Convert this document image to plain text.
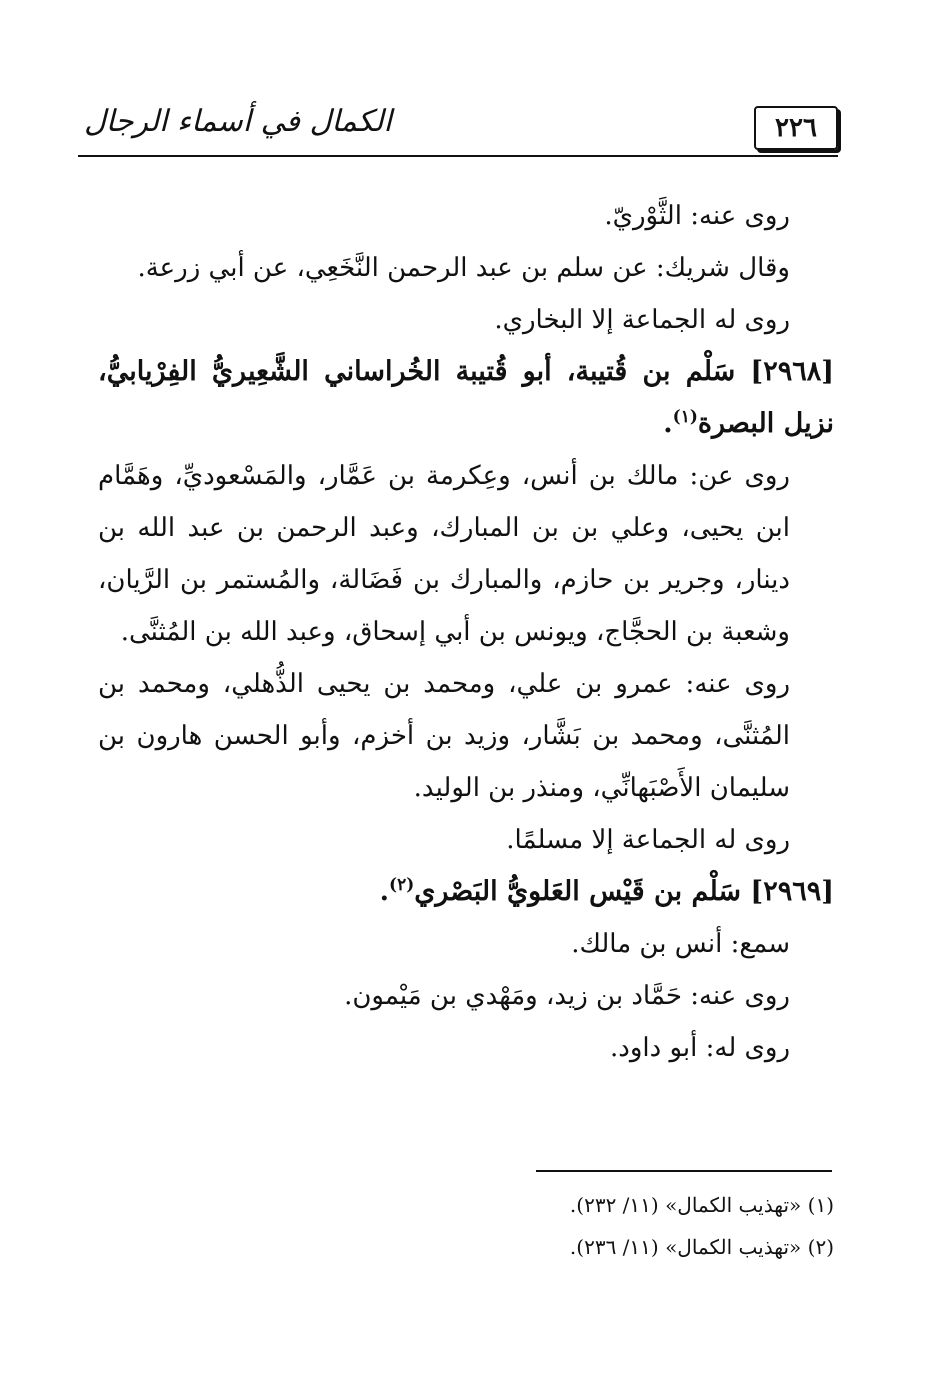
٢٢٦
الكمال في أسماء الرجال

روى عنه: الثَّوْريّ.

وقال شريك: عن سلم بن عبد الرحمن النَّخَعِي، عن أبي زرعة.

روى له الجماعة إلا البخاري.

[٢٩٦٨] سَلْم بن قُتيبة، أبو قُتيبة الخُراساني الشَّعِيريُّ الفِرْيابيُّ، نزيل البصرة$^{(١)}$.

روى عن: مالك بن أنس، وعِكرمة بن عَمَّار، والمَسْعوديِّ، وهَمَّام ابن يحيى، وعلي بن بن المبارك، وعبد الرحمن بن عبد الله بن دينار، وجرير بن حازم، والمبارك بن فَضَالة، والمُستمر بن الرَّيان، وشعبة بن الحجَّاج، ويونس بن أبي إسحاق، وعبد الله بن المُثنَّى.

روى عنه: عمرو بن علي، ومحمد بن يحيى الذُّهلي، ومحمد بن المُثنَّى، ومحمد بن بَشَّار، وزيد بن أخزم، وأبو الحسن هارون بن سليمان الأَصْبَهانِّي، ومنذر بن الوليد.

روى له الجماعة إلا مسلمًا.

[٢٩٦٩] سَلْم بن قَيْس العَلويُّ البَصْري$^{(٢)}$.

سمع: أنس بن مالك.

روى عنه: حَمَّاد بن زيد، ومَهْدي بن مَيْمون.

روى له: أبو داود.

(١) «تهذيب الكمال» (١١/ ٢٣٢).

(٢) «تهذيب الكمال» (١١/ ٢٣٦).
